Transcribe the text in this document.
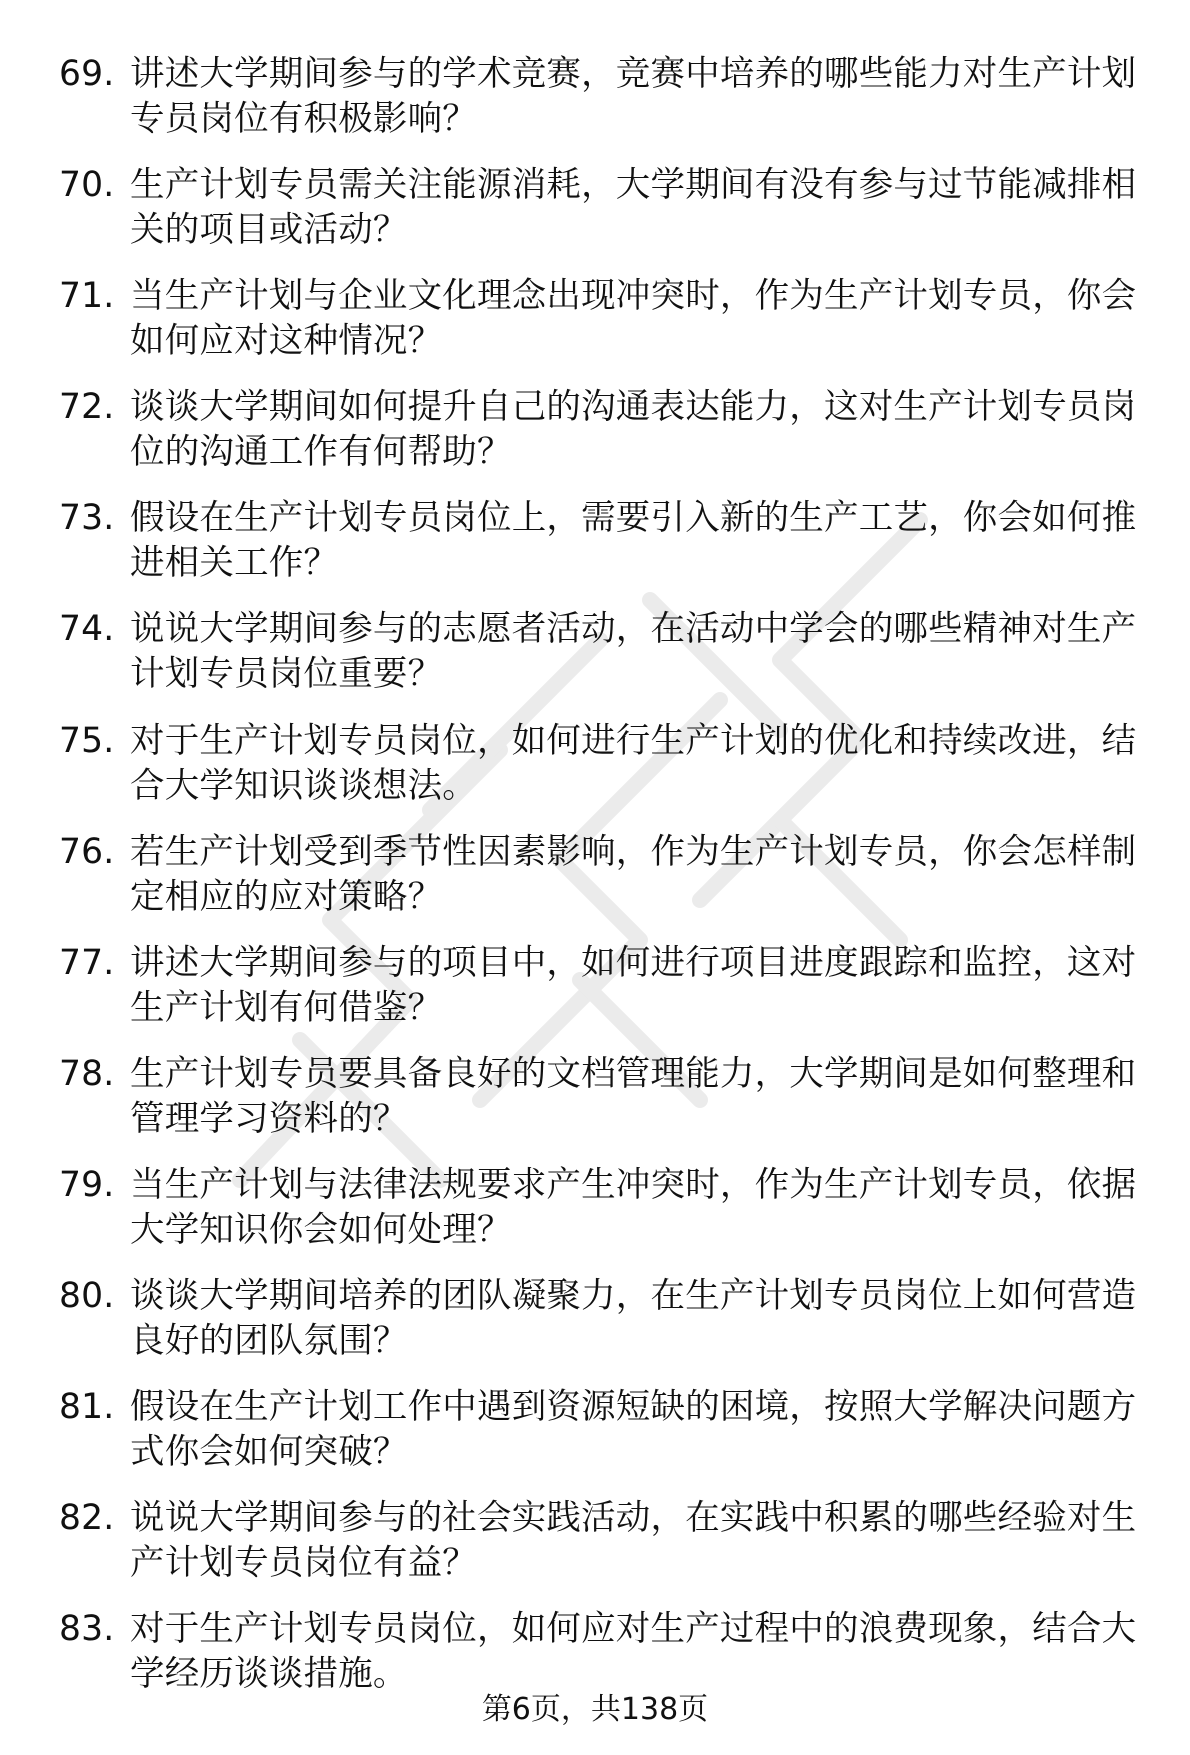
69. 讲述大学期间参与的学术竞赛，竞赛中培养的哪些能力对生产计划专员岗位有积极影响？
70. 生产计划专员需关注能源消耗，大学期间有没有参与过节能减排相关的项目或活动？
71. 当生产计划与企业文化理念出现冲突时，作为生产计划专员，你会如何应对这种情况？
72. 谈谈大学期间如何提升自己的沟通表达能力，这对生产计划专员岗位的沟通工作有何帮助？
73. 假设在生产计划专员岗位上，需要引入新的生产工艺，你会如何推进相关工作？
74. 说说大学期间参与的志愿者活动，在活动中学会的哪些精神对生产计划专员岗位重要？
75. 对于生产计划专员岗位，如何进行生产计划的优化和持续改进，结合大学知识谈谈想法。
76. 若生产计划受到季节性因素影响，作为生产计划专员，你会怎样制定相应的应对策略？
77. 讲述大学期间参与的项目中，如何进行项目进度跟踪和监控，这对生产计划有何借鉴？
78. 生产计划专员要具备良好的文档管理能力，大学期间是如何整理和管理学习资料的？
79. 当生产计划与法律法规要求产生冲突时，作为生产计划专员，依据大学知识你会如何处理？
80. 谈谈大学期间培养的团队凝聚力，在生产计划专员岗位上如何营造良好的团队氛围？
81. 假设在生产计划工作中遇到资源短缺的困境，按照大学解决问题方式你会如何突破？
82. 说说大学期间参与的社会实践活动，在实践中积累的哪些经验对生产计划专员岗位有益？
83. 对于生产计划专员岗位，如何应对生产过程中的浪费现象，结合大学经历谈谈措施。
第6页，共138页
